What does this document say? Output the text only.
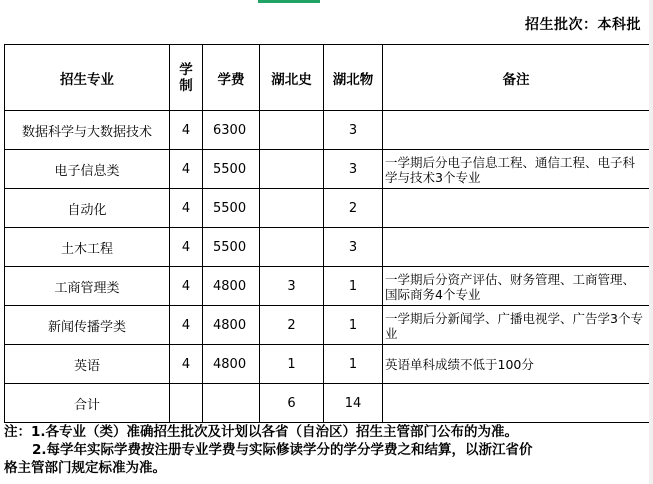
招生批次：本科批
招生专业	学制	学费	湖北史	湖北物	备注
数据科学与大数据技术	4	6300		3	
电子信息类	4	5500		3	一学期后分电子信息工程、通信工程、电子科学与技术3个专业
自动化	4	5500		2	
土木工程	4	5500		3	
工商管理类	4	4800	3	1	一学期后分资产评估、财务管理、工商管理、国际商务4个专业
新闻传播学类	4	4800	2	1	一学期后分新闻学、广播电视学、广告学3个专业
英语	4	4800	1	1	英语单科成绩不低于100分
合计			6	14	
注：1.各专业（类）准确招生批次及计划以各省（自治区）招生主管部门公布的为准。
2.每学年实际学费按注册专业学费与实际修读学分的学分学费之和结算，以浙江省价
格主管部门规定标准为准。
